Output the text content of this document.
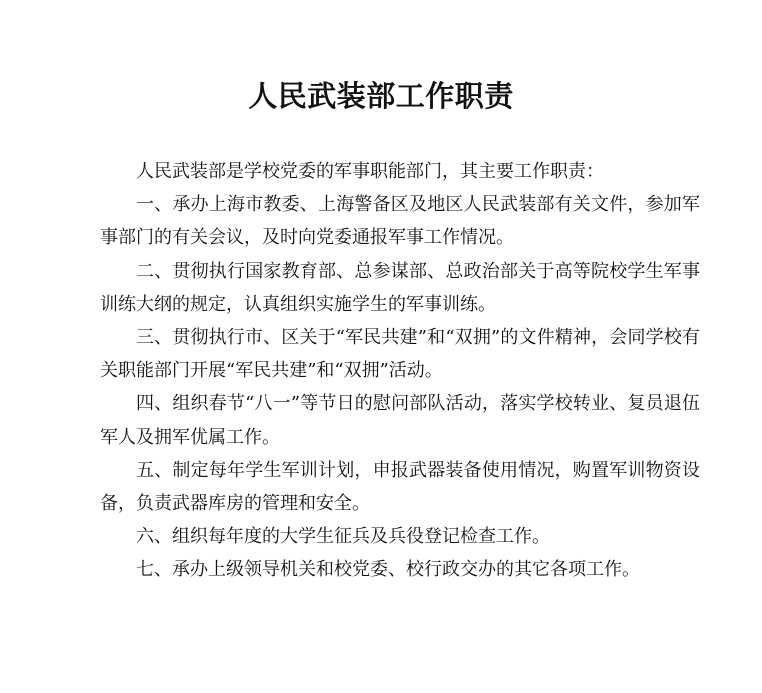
人民武装部工作职责

人民武装部是学校党委的军事职能部门，其主要工作职责：

一、承办上海市教委、上海警备区及地区人民武装部有关文件，参加军事部门的有关会议，及时向党委通报军事工作情况。

二、贯彻执行国家教育部、总参谋部、总政治部关于高等院校学生军事训练大纲的规定，认真组织实施学生的军事训练。

三、贯彻执行市、区关于“军民共建”和“双拥”的文件精神，会同学校有关职能部门开展“军民共建”和“双拥”活动。

四、组织春节“八一”等节日的慰问部队活动，落实学校转业、复员退伍军人及拥军优属工作。

五、制定每年学生军训计划，申报武器装备使用情况，购置军训物资设备，负责武器库房的管理和安全。

六、组织每年度的大学生征兵及兵役登记检查工作。

七、承办上级领导机关和校党委、校行政交办的其它各项工作。
